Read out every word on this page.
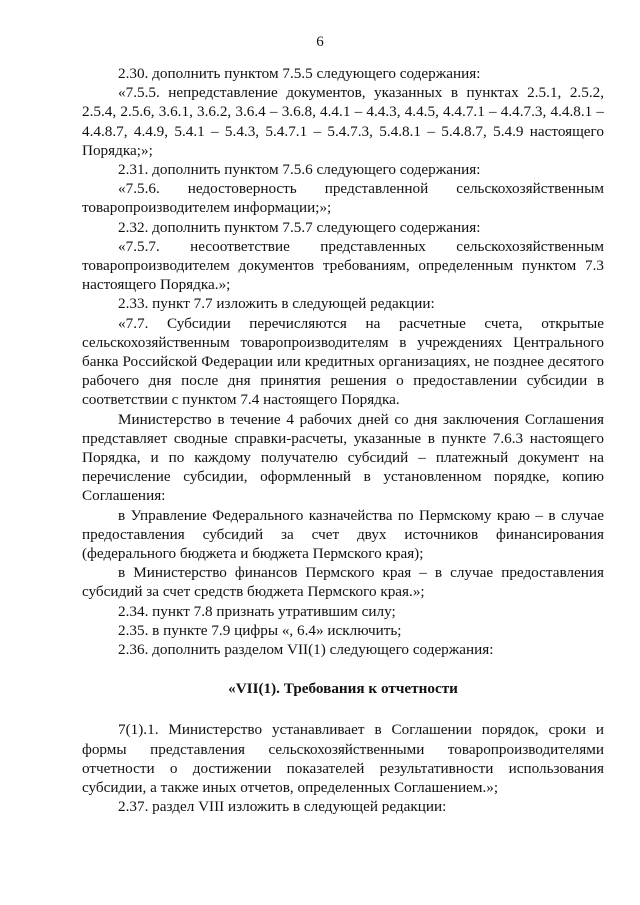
6

2.30. дополнить пунктом 7.5.5 следующего содержания:

«7.5.5. непредставление документов, указанных в пунктах 2.5.1, 2.5.2, 2.5.4, 2.5.6, 3.6.1, 3.6.2, 3.6.4 – 3.6.8, 4.4.1 – 4.4.3, 4.4.5, 4.4.7.1 – 4.4.7.3, 4.4.8.1 – 4.4.8.7, 4.4.9, 5.4.1 – 5.4.3, 5.4.7.1 – 5.4.7.3, 5.4.8.1 – 5.4.8.7, 5.4.9 настоящего Порядка;»;

2.31. дополнить пунктом 7.5.6 следующего содержания:

«7.5.6. недостоверность представленной сельскохозяйственным товаропроизводителем информации;»;

2.32. дополнить пунктом 7.5.7 следующего содержания:

«7.5.7. несоответствие представленных сельскохозяйственным товаропроизводителем документов требованиям, определенным пунктом 7.3 настоящего Порядка.»;

2.33. пункт 7.7 изложить в следующей редакции:

«7.7. Субсидии перечисляются на расчетные счета, открытые сельскохозяйственным товаропроизводителям в учреждениях Центрального банка Российской Федерации или кредитных организациях, не позднее десятого рабочего дня после дня принятия решения о предоставлении субсидии в соответствии с пунктом 7.4 настоящего Порядка.

Министерство в течение 4 рабочих дней со дня заключения Соглашения представляет сводные справки-расчеты, указанные в пункте 7.6.3 настоящего Порядка, и по каждому получателю субсидий – платежный документ на перечисление субсидии, оформленный в установленном порядке, копию Соглашения:

в Управление Федерального казначейства по Пермскому краю – в случае предоставления субсидий за счет двух источников финансирования (федерального бюджета и бюджета Пермского края);

в Министерство финансов Пермского края – в случае предоставления субсидий за счет средств бюджета Пермского края.»;

2.34. пункт 7.8 признать утратившим силу;

2.35. в пункте 7.9 цифры «, 6.4» исключить;

2.36. дополнить разделом VII(1) следующего содержания:

«VII(1). Требования к отчетности

7(1).1. Министерство устанавливает в Соглашении порядок, сроки и формы представления сельскохозяйственными товаропроизводителями отчетности о достижении показателей результативности использования субсидии, а также иных отчетов, определенных Соглашением.»;

2.37. раздел VIII изложить в следующей редакции:
